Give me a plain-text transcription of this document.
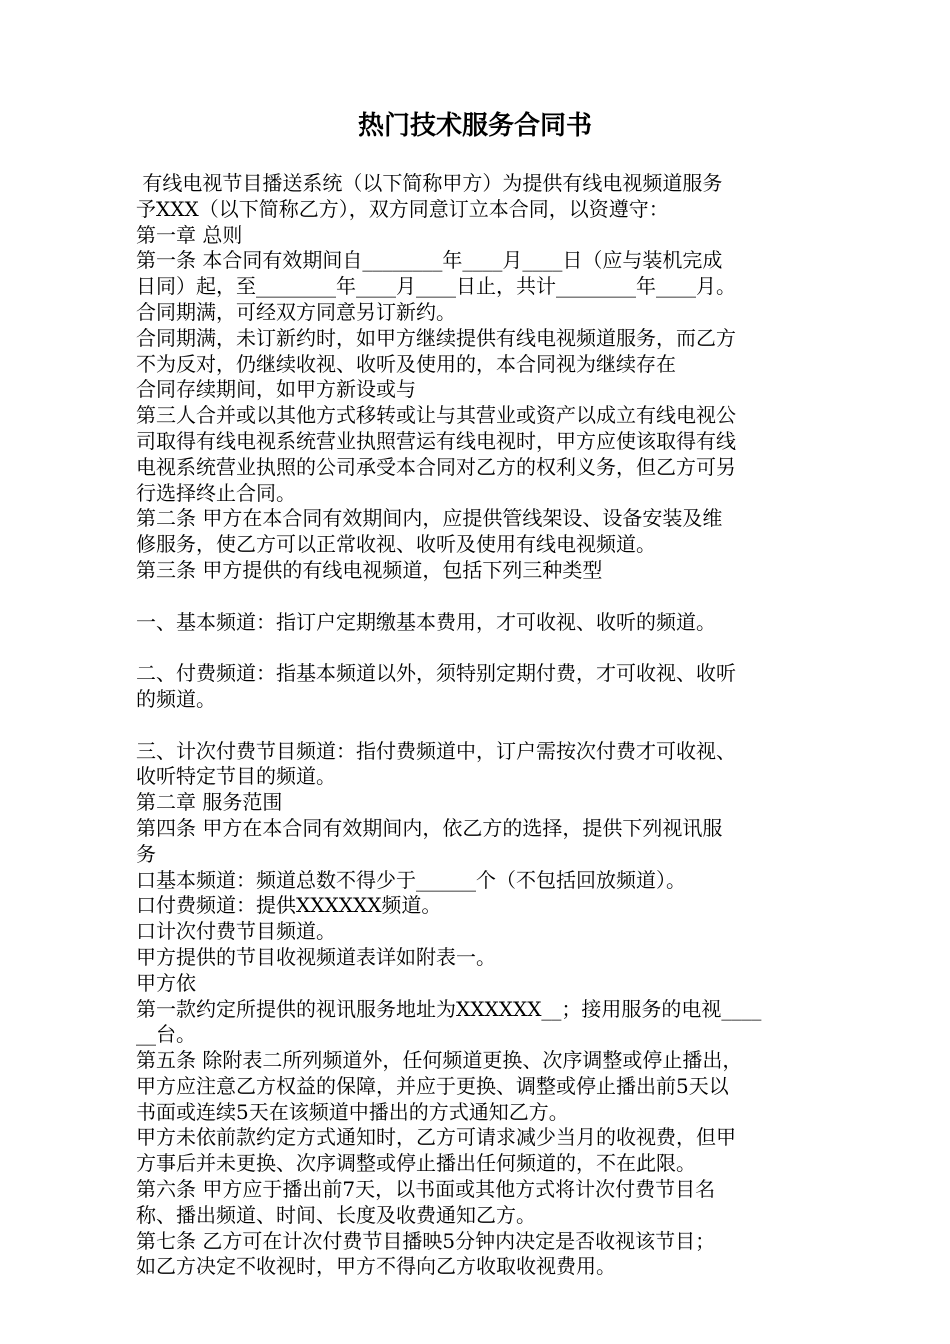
热门技术服务合同书
有线电视节目播送系统（以下简称甲方）为提供有线电视频道服务
予XXX（以下简称乙方），双方同意订立本合同，以资遵守：
第一章 总则
第一条 本合同有效期间自________年____月____日（应与装机完成
日同）起，至________年____月____日止，共计________年____月。
合同期满，可经双方同意另订新约。
合同期满，未订新约时，如甲方继续提供有线电视频道服务，而乙方
不为反对，仍继续收视、收听及使用的，本合同视为继续存在
合同存续期间，如甲方新设或与
第三人合并或以其他方式移转或让与其营业或资产以成立有线电视公
司取得有线电视系统营业执照营运有线电视时，甲方应使该取得有线
电视系统营业执照的公司承受本合同对乙方的权利义务，但乙方可另
行选择终止合同。
第二条 甲方在本合同有效期间内，应提供管线架设、设备安装及维
修服务，使乙方可以正常收视、收听及使用有线电视频道。
第三条 甲方提供的有线电视频道，包括下列三种类型
一、基本频道：指订户定期缴基本费用，才可收视、收听的频道。
二、付费频道：指基本频道以外，须特别定期付费，才可收视、收听
的频道。
三、计次付费节目频道：指付费频道中，订户需按次付费才可收视、
收听特定节目的频道。
第二章 服务范围
第四条 甲方在本合同有效期间内，依乙方的选择，提供下列视讯服
务
口基本频道：频道总数不得少于______个（不包括回放频道）。
口付费频道：提供XXXXXX频道。
口计次付费节目频道。
甲方提供的节目收视频道表详如附表一。
甲方依
第一款约定所提供的视讯服务地址为XXXXXX__；接用服务的电视____
__台。
第五条 除附表二所列频道外，任何频道更换、次序调整或停止播出，
甲方应注意乙方权益的保障，并应于更换、调整或停止播出前5天以
书面或连续5天在该频道中播出的方式通知乙方。
甲方未依前款约定方式通知时，乙方可请求减少当月的收视费，但甲
方事后并未更换、次序调整或停止播出任何频道的，不在此限。
第六条 甲方应于播出前7天，以书面或其他方式将计次付费节目名
称、播出频道、时间、长度及收费通知乙方。
第七条 乙方可在计次付费节目播映5分钟内决定是否收视该节目；
如乙方决定不收视时，甲方不得向乙方收取收视费用。
